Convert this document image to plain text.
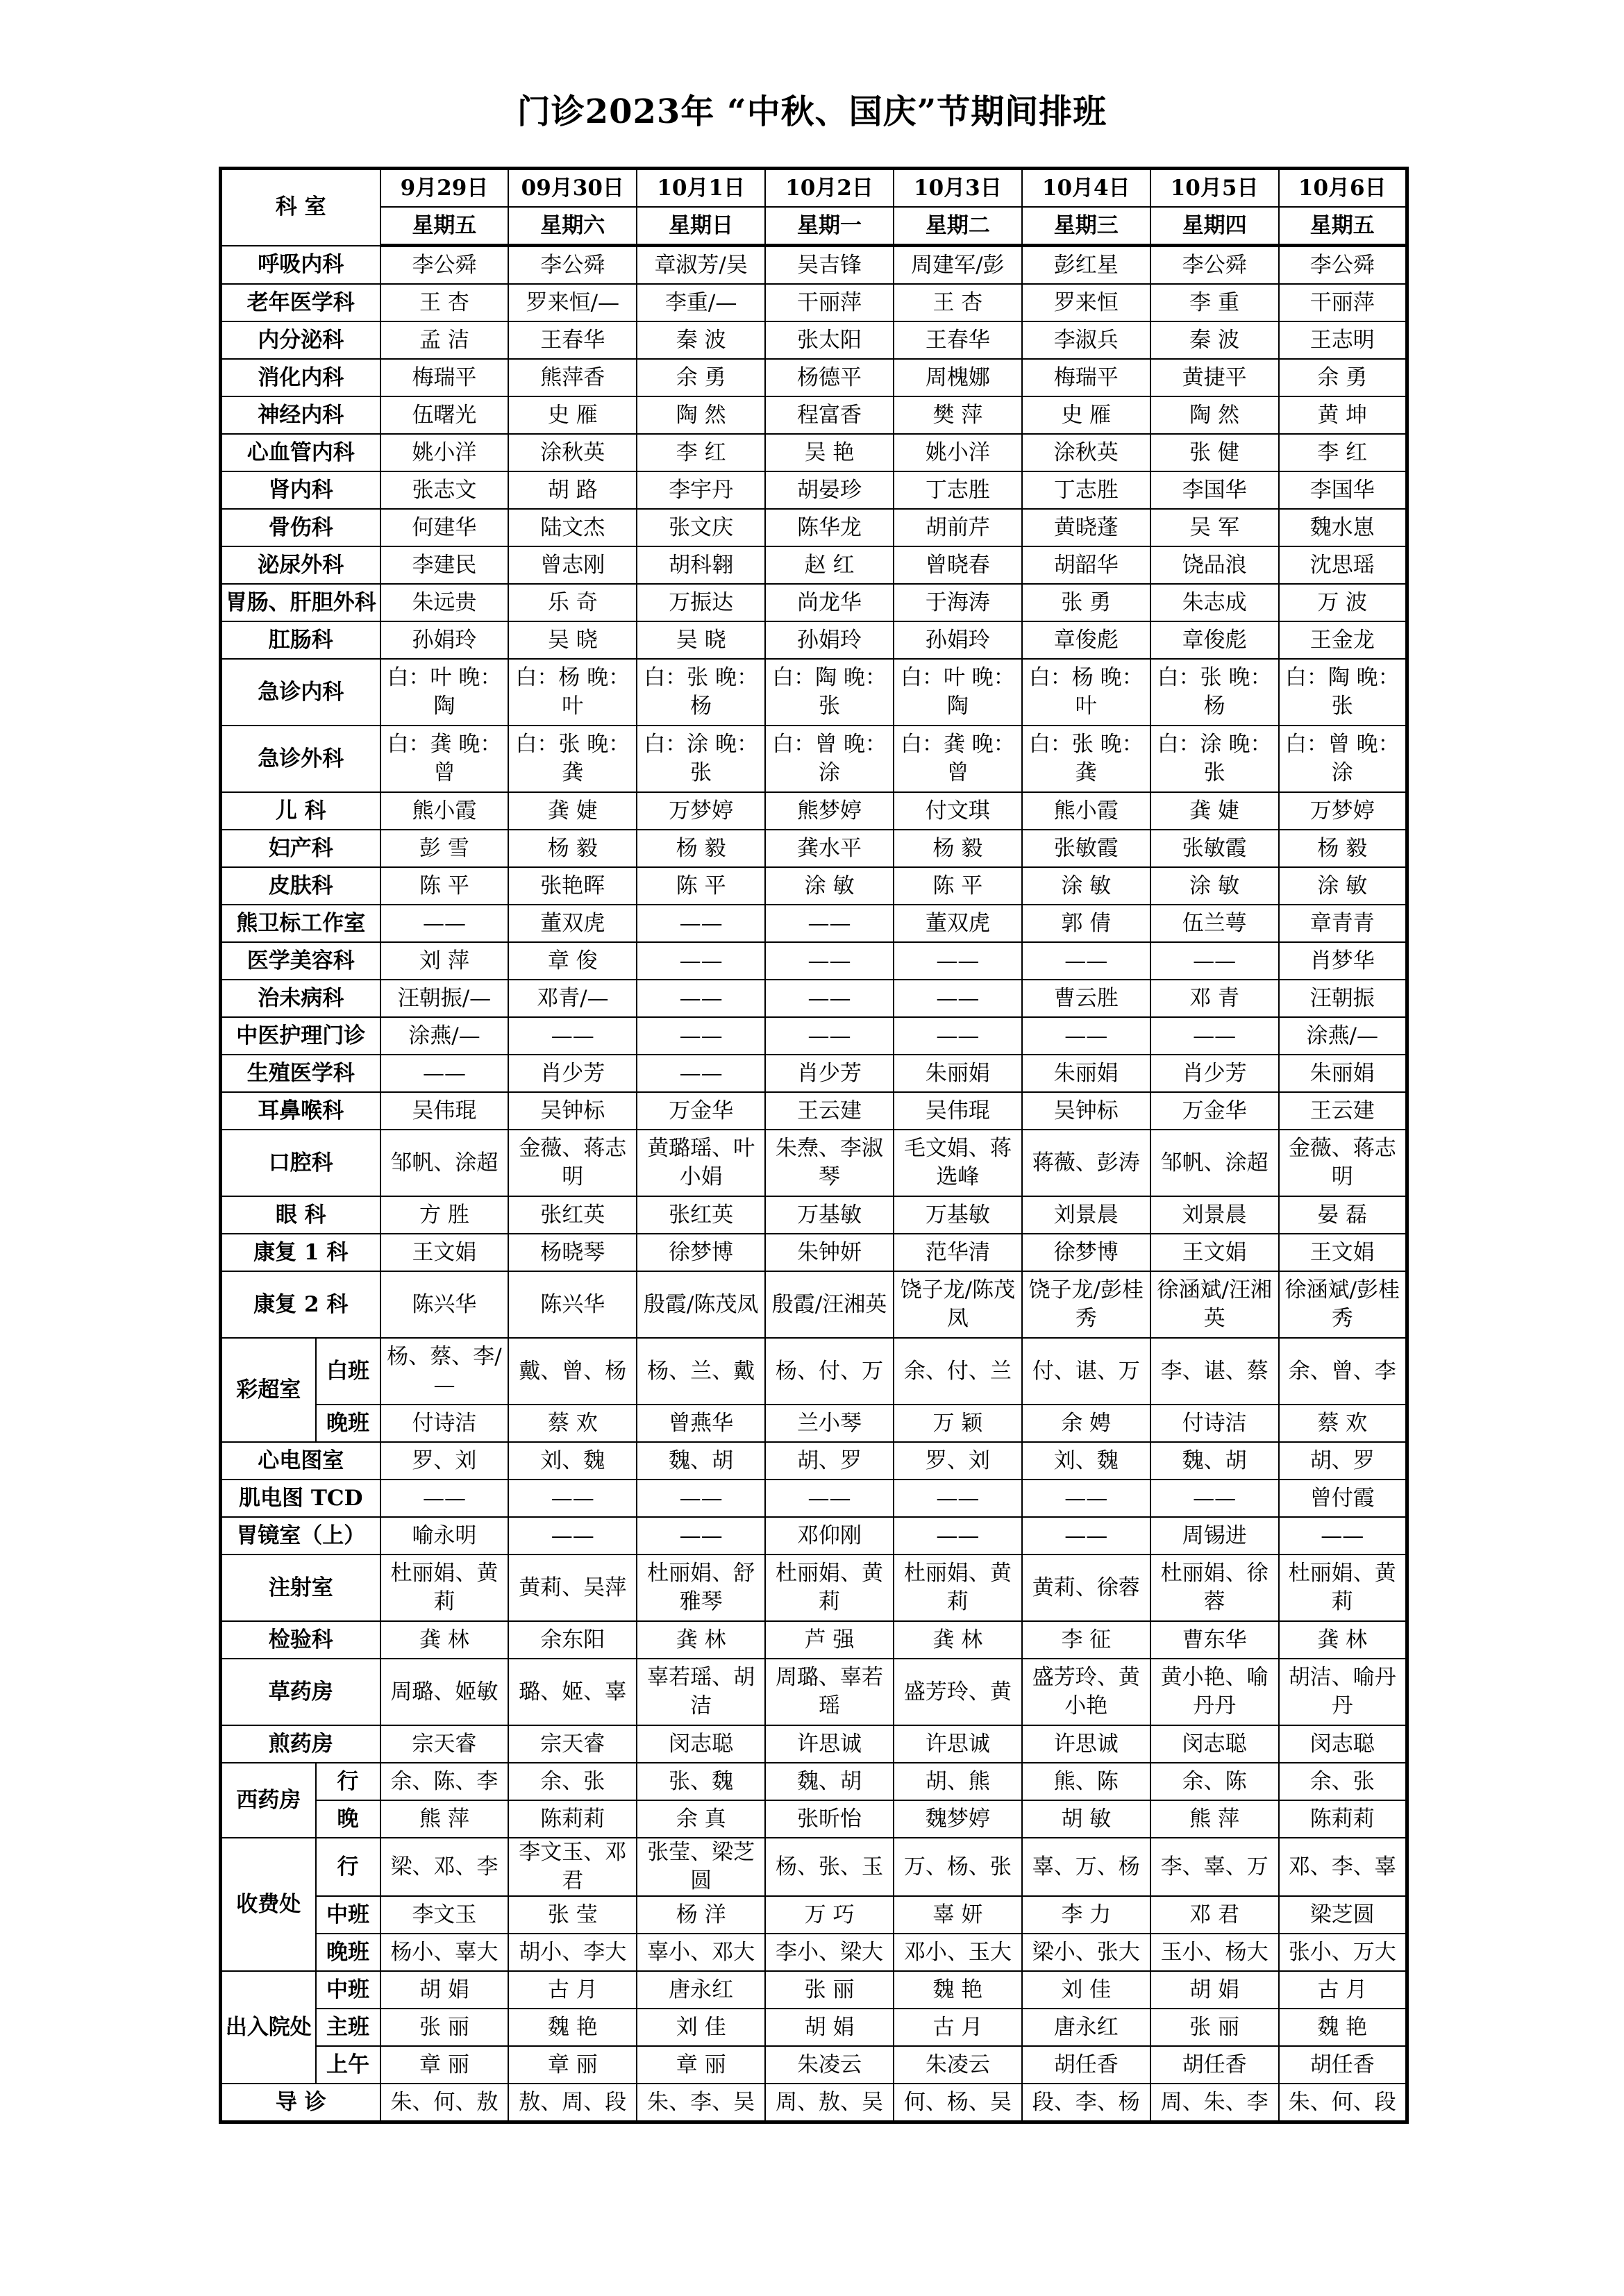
门诊2023年 “中秋、国庆”节期间排班
科 室		9月29日	09月30日	10月1日	10月2日	10月3日	10月4日	10月5日	10月6日
		星期五	星期六	星期日	星期一	星期二	星期三	星期四	星期五
呼吸内科		李公舜	李公舜	章淑芳/吴	吴吉锋	周建军/彭	彭红星	李公舜	李公舜
老年医学科		王 杏	罗来恒/—	李重/—	干丽萍	王 杏	罗来恒	李 重	干丽萍
内分泌科		孟 洁	王春华	秦 波	张太阳	王春华	李淑兵	秦 波	王志明
消化内科		梅瑞平	熊萍香	余 勇	杨德平	周槐娜	梅瑞平	黄捷平	余 勇
神经内科		伍曙光	史 雁	陶 然	程富香	樊 萍	史 雁	陶 然	黄 坤
心血管内科		姚小洋	涂秋英	李 红	吴 艳	姚小洋	涂秋英	张 健	李 红
肾内科		张志文	胡 路	李宇丹	胡晏珍	丁志胜	丁志胜	李国华	李国华
骨伤科		何建华	陆文杰	张文庆	陈华龙	胡前芹	黄晓蓬	吴 军	魏水崽
泌尿外科		李建民	曾志刚	胡科翱	赵 红	曾晓春	胡韶华	饶品浪	沈思瑶
胃肠、肝胆外科		朱远贵	乐 奇	万振达	尚龙华	于海涛	张 勇	朱志成	万 波
肛肠科		孙娟玲	吴 晓	吴 晓	孙娟玲	孙娟玲	章俊彪	章俊彪	王金龙
急诊内科		白：叶 晚：陶	白：杨 晚：叶	白：张 晚：杨	白：陶 晚：张	白：叶 晚：陶	白：杨 晚：叶	白：张 晚：杨	白：陶 晚：张
急诊外科		白：龚 晚：曾	白：张 晚：龚	白：涂 晚：张	白：曾 晚：涂	白：龚 晚：曾	白：张 晚：龚	白：涂 晚：张	白：曾 晚：涂
儿 科		熊小霞	龚 婕	万梦婷	熊梦婷	付文琪	熊小霞	龚 婕	万梦婷
妇产科		彭 雪	杨 毅	杨 毅	龚水平	杨 毅	张敏霞	张敏霞	杨 毅
皮肤科		陈 平	张艳晖	陈 平	涂 敏	陈 平	涂 敏	涂 敏	涂 敏
熊卫标工作室		——	董双虎	——	——	董双虎	郭 倩	伍兰萼	章青青
医学美容科		刘 萍	章 俊	——	——	——	——	——	肖梦华
治未病科		汪朝振/—	邓青/—	——	——	——	曹云胜	邓 青	汪朝振
中医护理门诊		涂燕/—	——	——	——	——	——	——	涂燕/—
生殖医学科		——	肖少芳	——	肖少芳	朱丽娟	朱丽娟	肖少芳	朱丽娟
耳鼻喉科		吴伟琨	吴钟标	万金华	王云建	吴伟琨	吴钟标	万金华	王云建
口腔科		邹帆、涂超	金薇、蒋志明	黄璐瑶、叶小娟	朱焘、李淑琴	毛文娟、蒋选峰	蒋薇、彭涛	邹帆、涂超	金薇、蒋志明
眼 科		方 胜	张红英	张红英	万基敏	万基敏	刘景晨	刘景晨	晏 磊
康复 1 科		王文娟	杨晓琴	徐梦博	朱钟妍	范华清	徐梦博	王文娟	王文娟
康复 2 科		陈兴华	陈兴华	殷霞/陈茂凤	殷霞/汪湘英	饶子龙/陈茂凤	饶子龙/彭桂秀	徐涵斌/汪湘英	徐涵斌/彭桂秀
彩超室	白班	杨、蔡、李/—	戴、曾、杨	杨、兰、戴	杨、付、万	余、付、兰	付、谌、万	李、谌、蔡	余、曾、李
	晚班	付诗洁	蔡 欢	曾燕华	兰小琴	万 颖	余 娉	付诗洁	蔡 欢
心电图室		罗、刘	刘、魏	魏、胡	胡、罗	罗、刘	刘、魏	魏、胡	胡、罗
肌电图 TCD		——	——	——	——	——	——	——	曾付霞
胃镜室（上）		喻永明	——	——	邓仰刚	——	——	周锡进	——
注射室		杜丽娟、黄莉	黄莉、吴萍	杜丽娟、舒雅琴	杜丽娟、黄莉	杜丽娟、黄莉	黄莉、徐蓉	杜丽娟、徐蓉	杜丽娟、黄莉
检验科		龚 林	余东阳	龚 林	芦 强	龚 林	李 征	曹东华	龚 林
草药房		周璐、姬敏	璐、姬、辜	辜若瑶、胡洁	周璐、辜若瑶	盛芳玲、黄	盛芳玲、黄小艳	黄小艳、喻丹丹	胡洁、喻丹丹
煎药房		宗天睿	宗天睿	闵志聪	许思诚	许思诚	许思诚	闵志聪	闵志聪
西药房	行	余、陈、李	余、张	张、魏	魏、胡	胡、熊	熊、陈	余、陈	余、张
	晚	熊 萍	陈莉莉	余 真	张昕怡	魏梦婷	胡 敏	熊 萍	陈莉莉
收费处	行	梁、邓、李	李文玉、邓君	张莹、梁芝圆	杨、张、玉	万、杨、张	辜、万、杨	李、辜、万	邓、李、辜
	中班	李文玉	张 莹	杨 洋	万 巧	辜 妍	李 力	邓 君	梁芝圆
	晚班	杨小、辜大	胡小、李大	辜小、邓大	李小、梁大	邓小、玉大	梁小、张大	玉小、杨大	张小、万大
出入院处	中班	胡 娟	古 月	唐永红	张 丽	魏 艳	刘 佳	胡 娟	古 月
	主班	张 丽	魏 艳	刘 佳	胡 娟	古 月	唐永红	张 丽	魏 艳
	上午	章 丽	章 丽	章 丽	朱凌云	朱凌云	胡任香	胡任香	胡任香
导 诊		朱、何、敖	敖、周、段	朱、李、吴	周、敖、吴	何、杨、吴	段、李、杨	周、朱、李	朱、何、段
